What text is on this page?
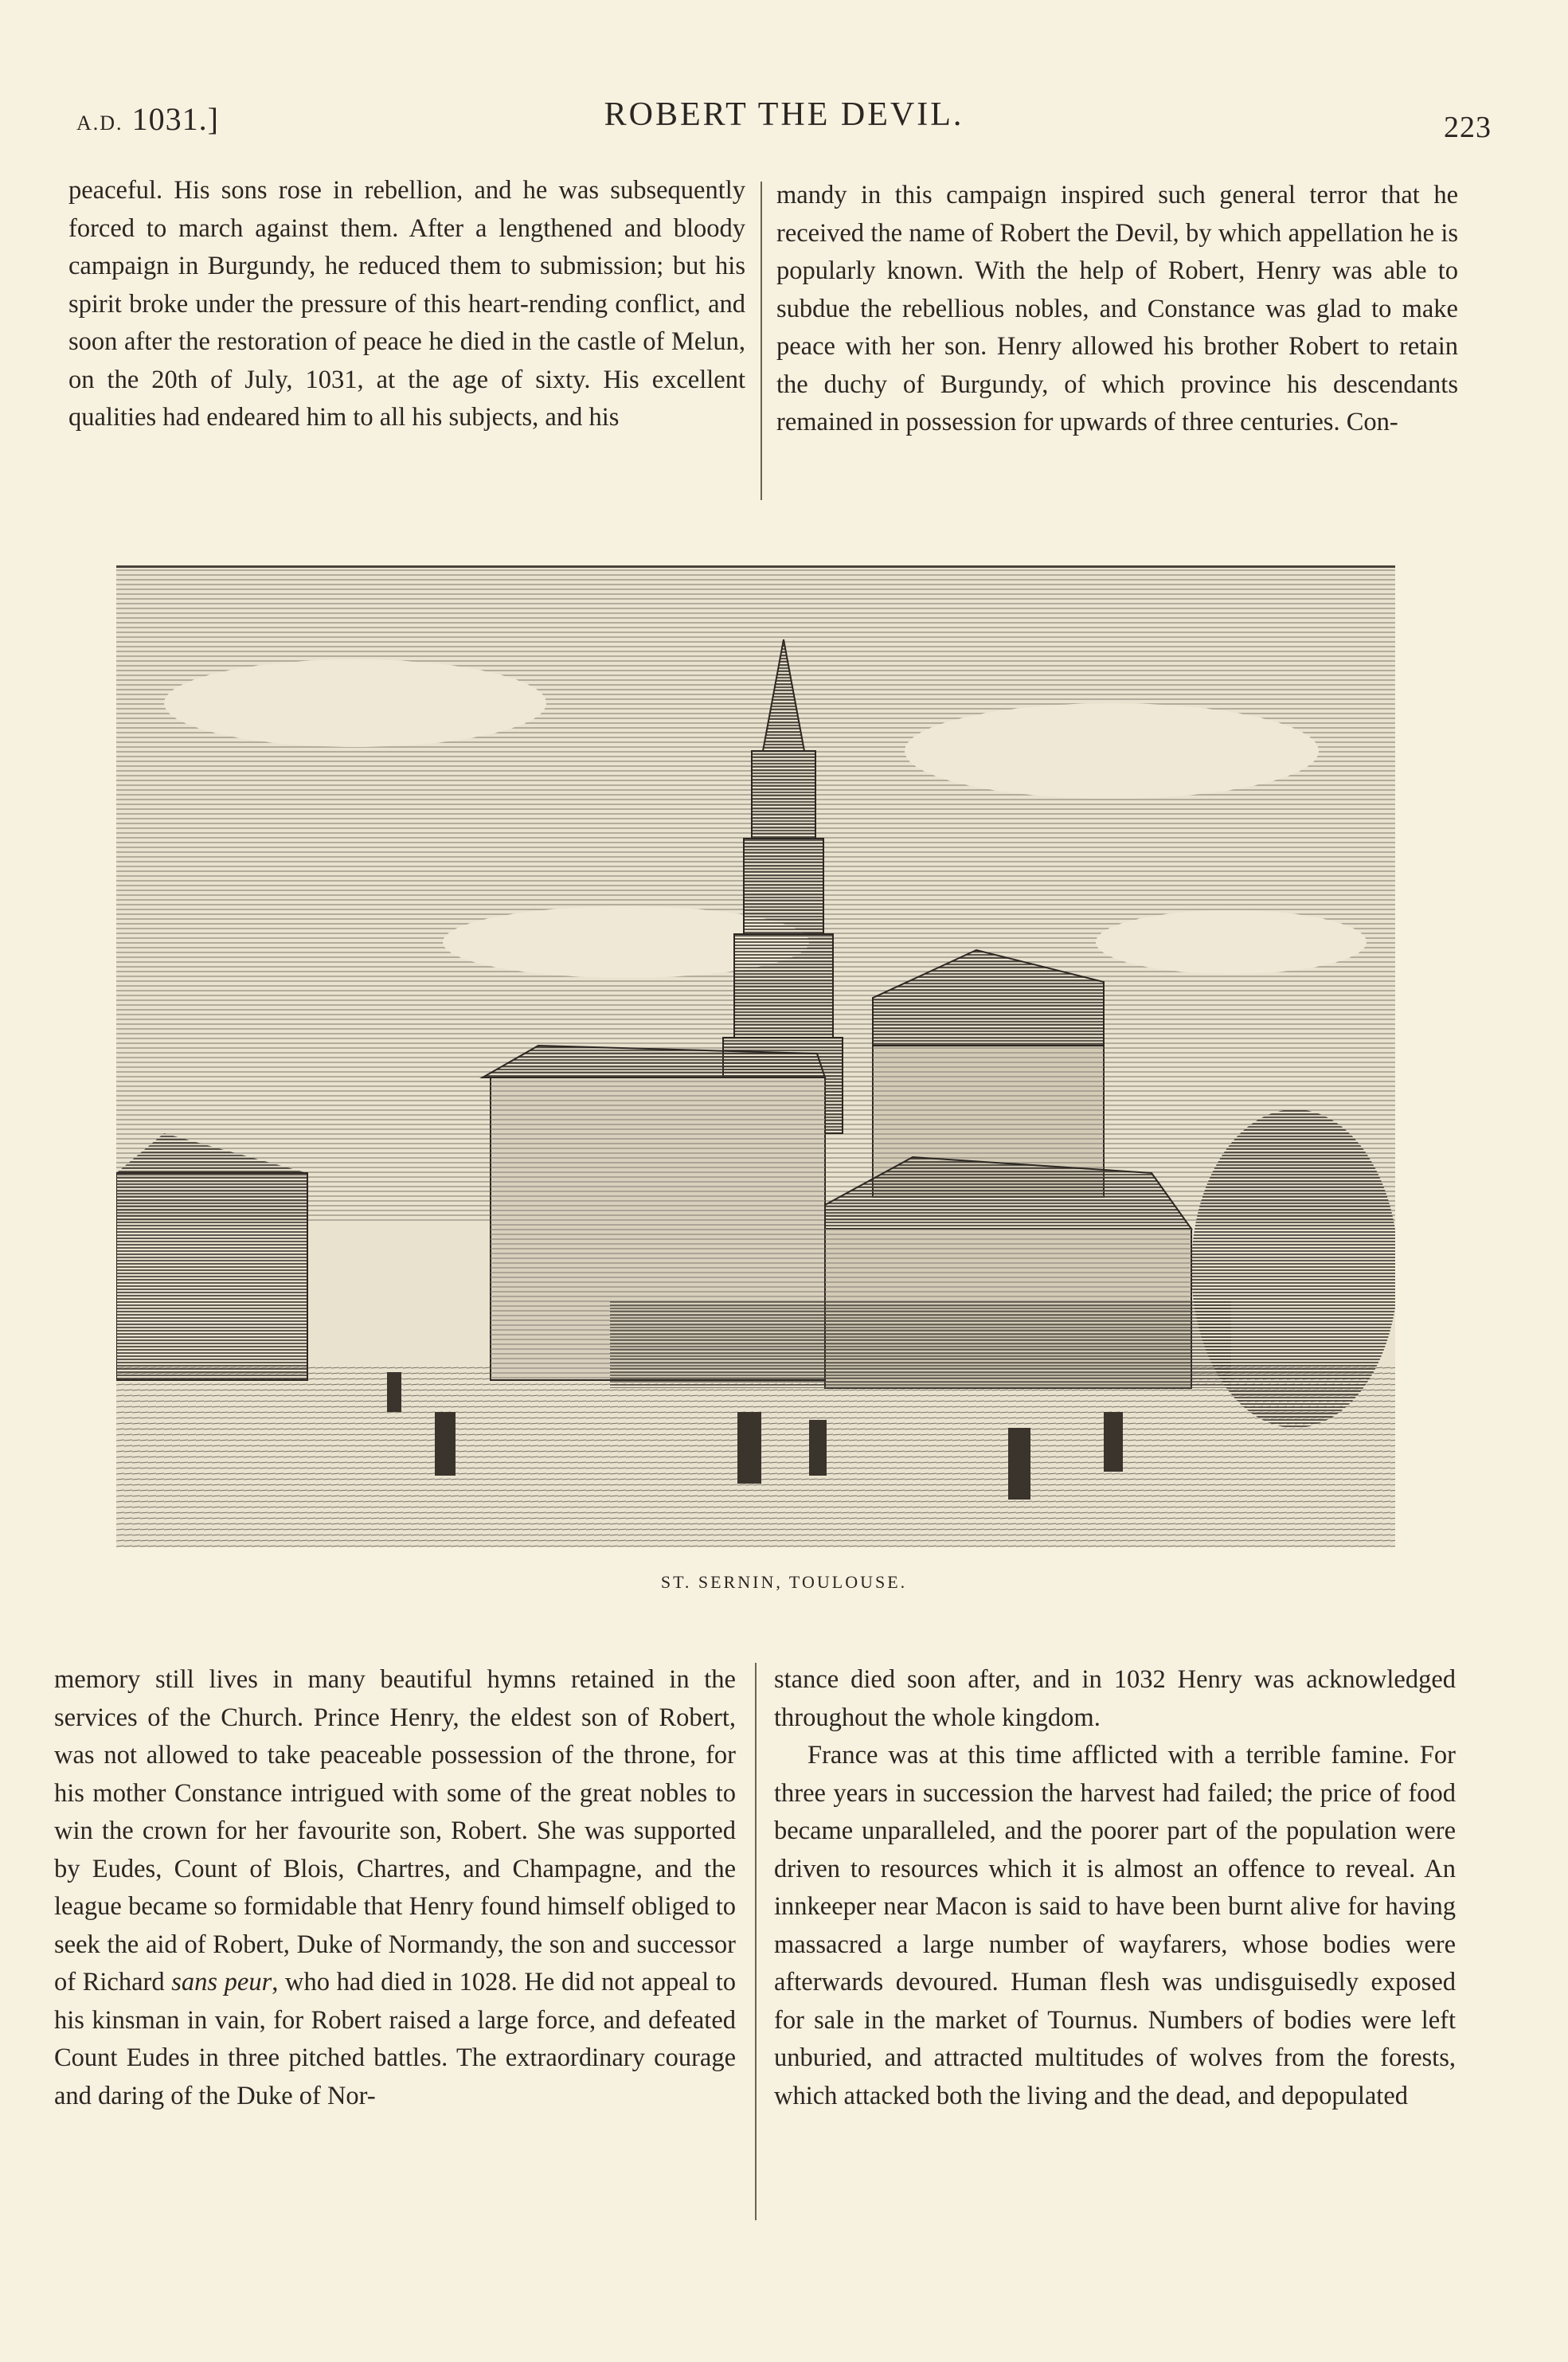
A.D. 1031.]	ROBERT THE DEVIL.	223

peaceful. His sons rose in rebellion, and he was subsequently forced to march against them. After a lengthened and bloody campaign in Burgundy, he reduced them to submission; but his spirit broke under the pressure of this heart-rending conflict, and soon after the restoration of peace he died in the castle of Melun, on the 20th of July, 1031, at the age of sixty. His excellent qualities had endeared him to all his subjects, and his

mandy in this campaign inspired such general terror that he received the name of Robert the Devil, by which appellation he is popularly known. With the help of Robert, Henry was able to subdue the rebellious nobles, and Constance was glad to make peace with her son. Henry allowed his brother Robert to retain the duchy of Burgundy, of which province his descendants remained in possession for upwards of three centuries. Con-

ST. SERNIN, TOULOUSE.

memory still lives in many beautiful hymns retained in the services of the Church. Prince Henry, the eldest son of Robert, was not allowed to take peaceable possession of the throne, for his mother Constance intrigued with some of the great nobles to win the crown for her favourite son, Robert. She was supported by Eudes, Count of Blois, Chartres, and Champagne, and the league became so formidable that Henry found himself obliged to seek the aid of Robert, Duke of Normandy, the son and successor of Richard sans peur, who had died in 1028. He did not appeal to his kinsman in vain, for Robert raised a large force, and defeated Count Eudes in three pitched battles. The extraordinary courage and daring of the Duke of Nor-

stance died soon after, and in 1032 Henry was acknowledged throughout the whole kingdom.

France was at this time afflicted with a terrible famine. For three years in succession the harvest had failed; the price of food became unparalleled, and the poorer part of the population were driven to resources which it is almost an offence to reveal. An innkeeper near Macon is said to have been burnt alive for having massacred a large number of wayfarers, whose bodies were afterwards devoured. Human flesh was undisguisedly exposed for sale in the market of Tournus. Numbers of bodies were left unburied, and attracted multitudes of wolves from the forests, which attacked both the living and the dead, and depopulated
